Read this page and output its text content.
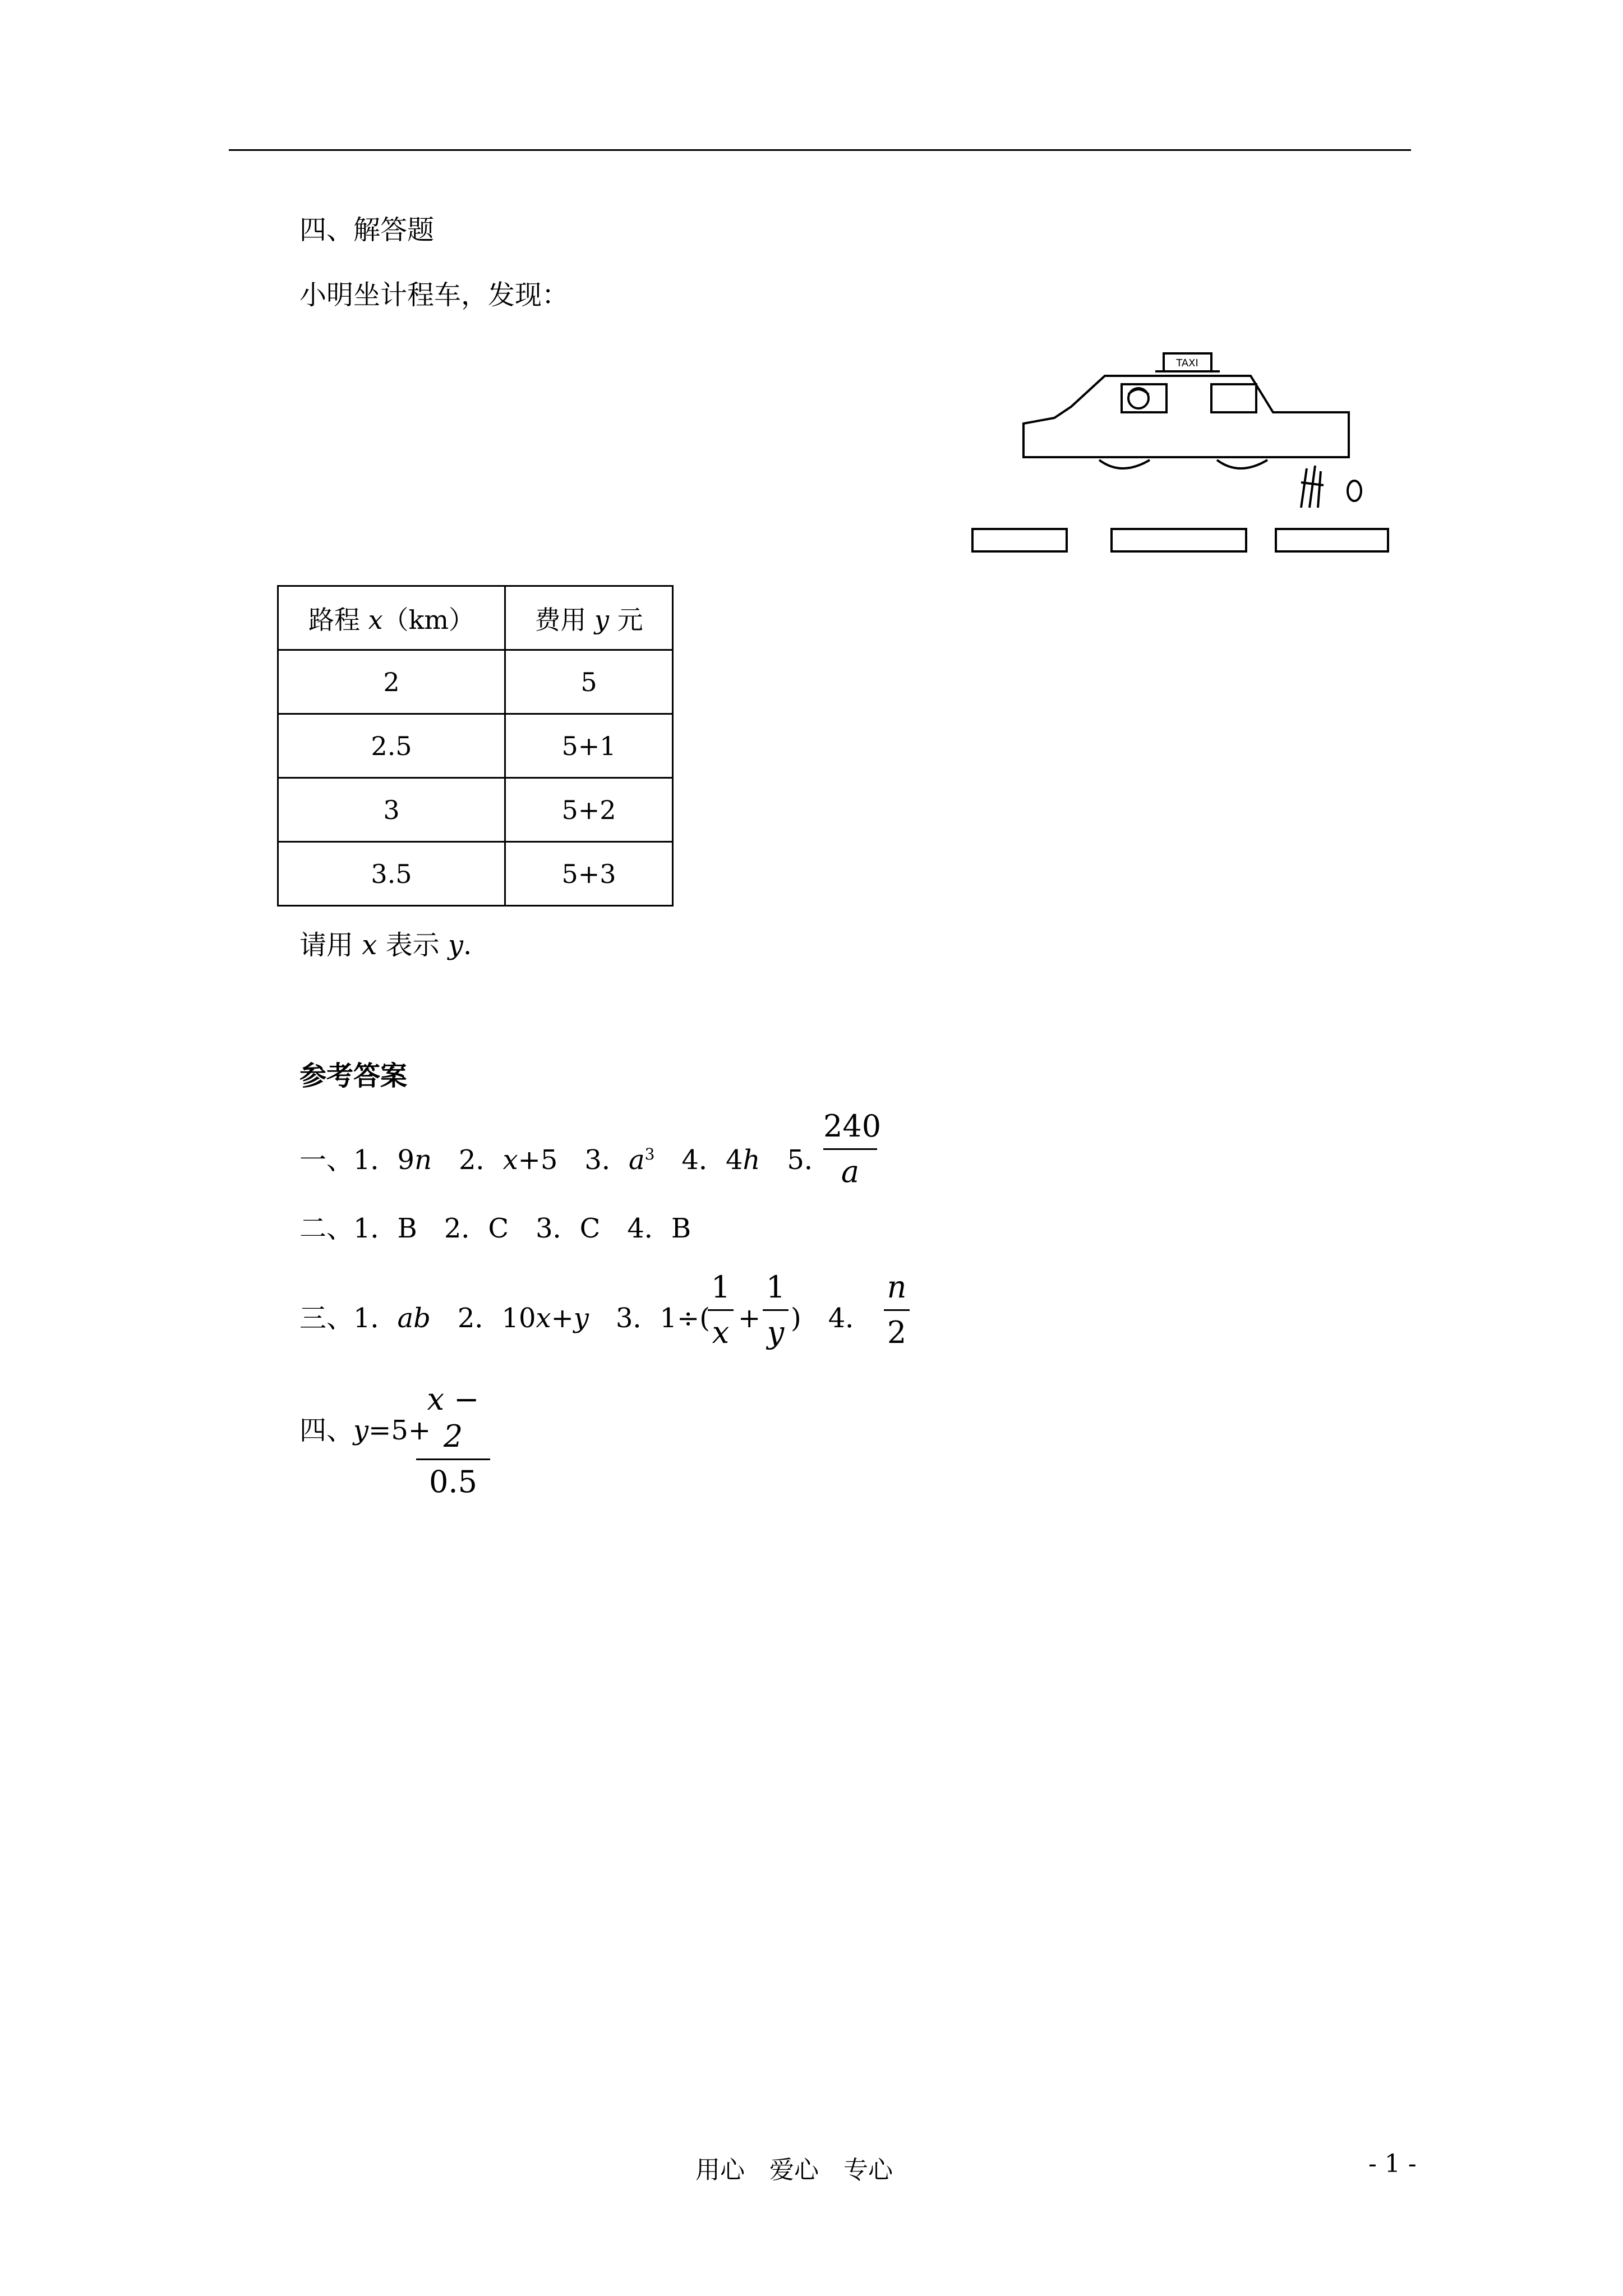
四、解答题
小明坐计程车，发现：
TAXI
路程 x（km）	费用 y 元
2	5
2.5	5+1
3	5+2
3.5	5+3
请用 x 表示 y.
参考答案
一、1．9n　2．x+5　3．$a^3$　4．4h　5．
240
a
二、1．B　2．C　3．C　4．B
三、1．ab　2．10x+y　3．1÷(
1
x +
1
y )　4．
n
2
四、y=5+
x − 2
0.5
用心　爱心　专心	- 1 -
